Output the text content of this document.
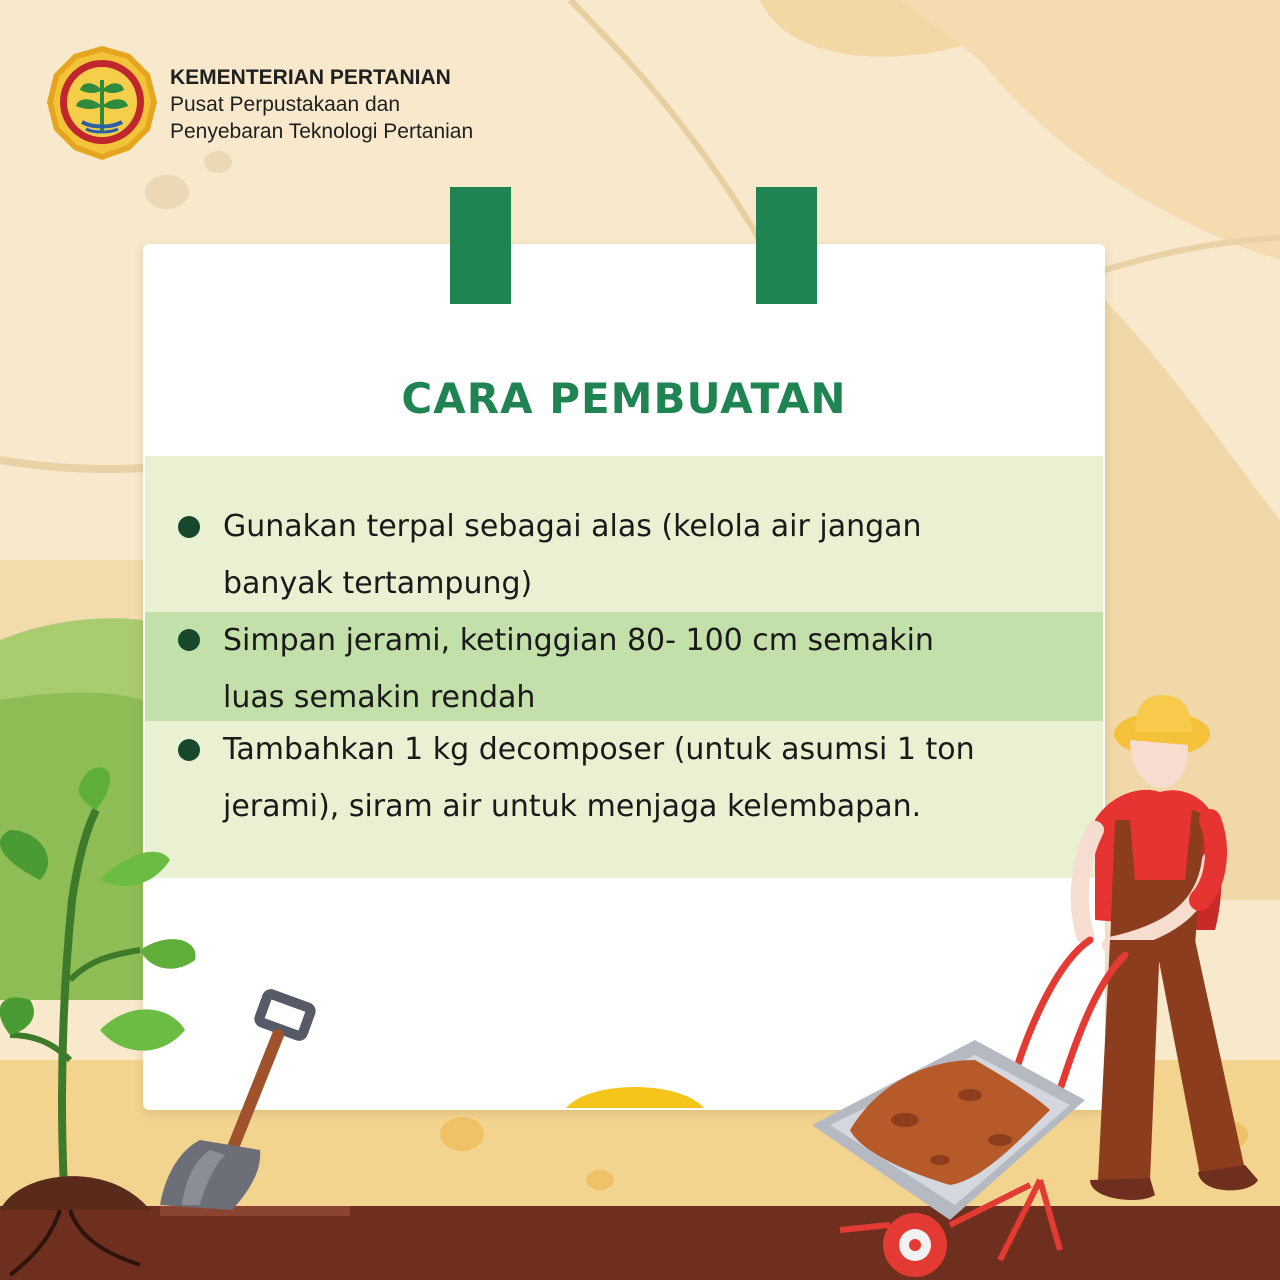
KEMENTERIAN PERTANIAN
Pusat Perpustakaan dan
Penyebaran Teknologi Pertanian
CARA PEMBUATAN
Gunakan terpal sebagai alas (kelola air jangan
banyak tertampung)
Simpan jerami, ketinggian 80- 100 cm semakin
luas semakin rendah
Tambahkan 1 kg decomposer (untuk asumsi 1 ton
jerami), siram air untuk menjaga kelembapan.
